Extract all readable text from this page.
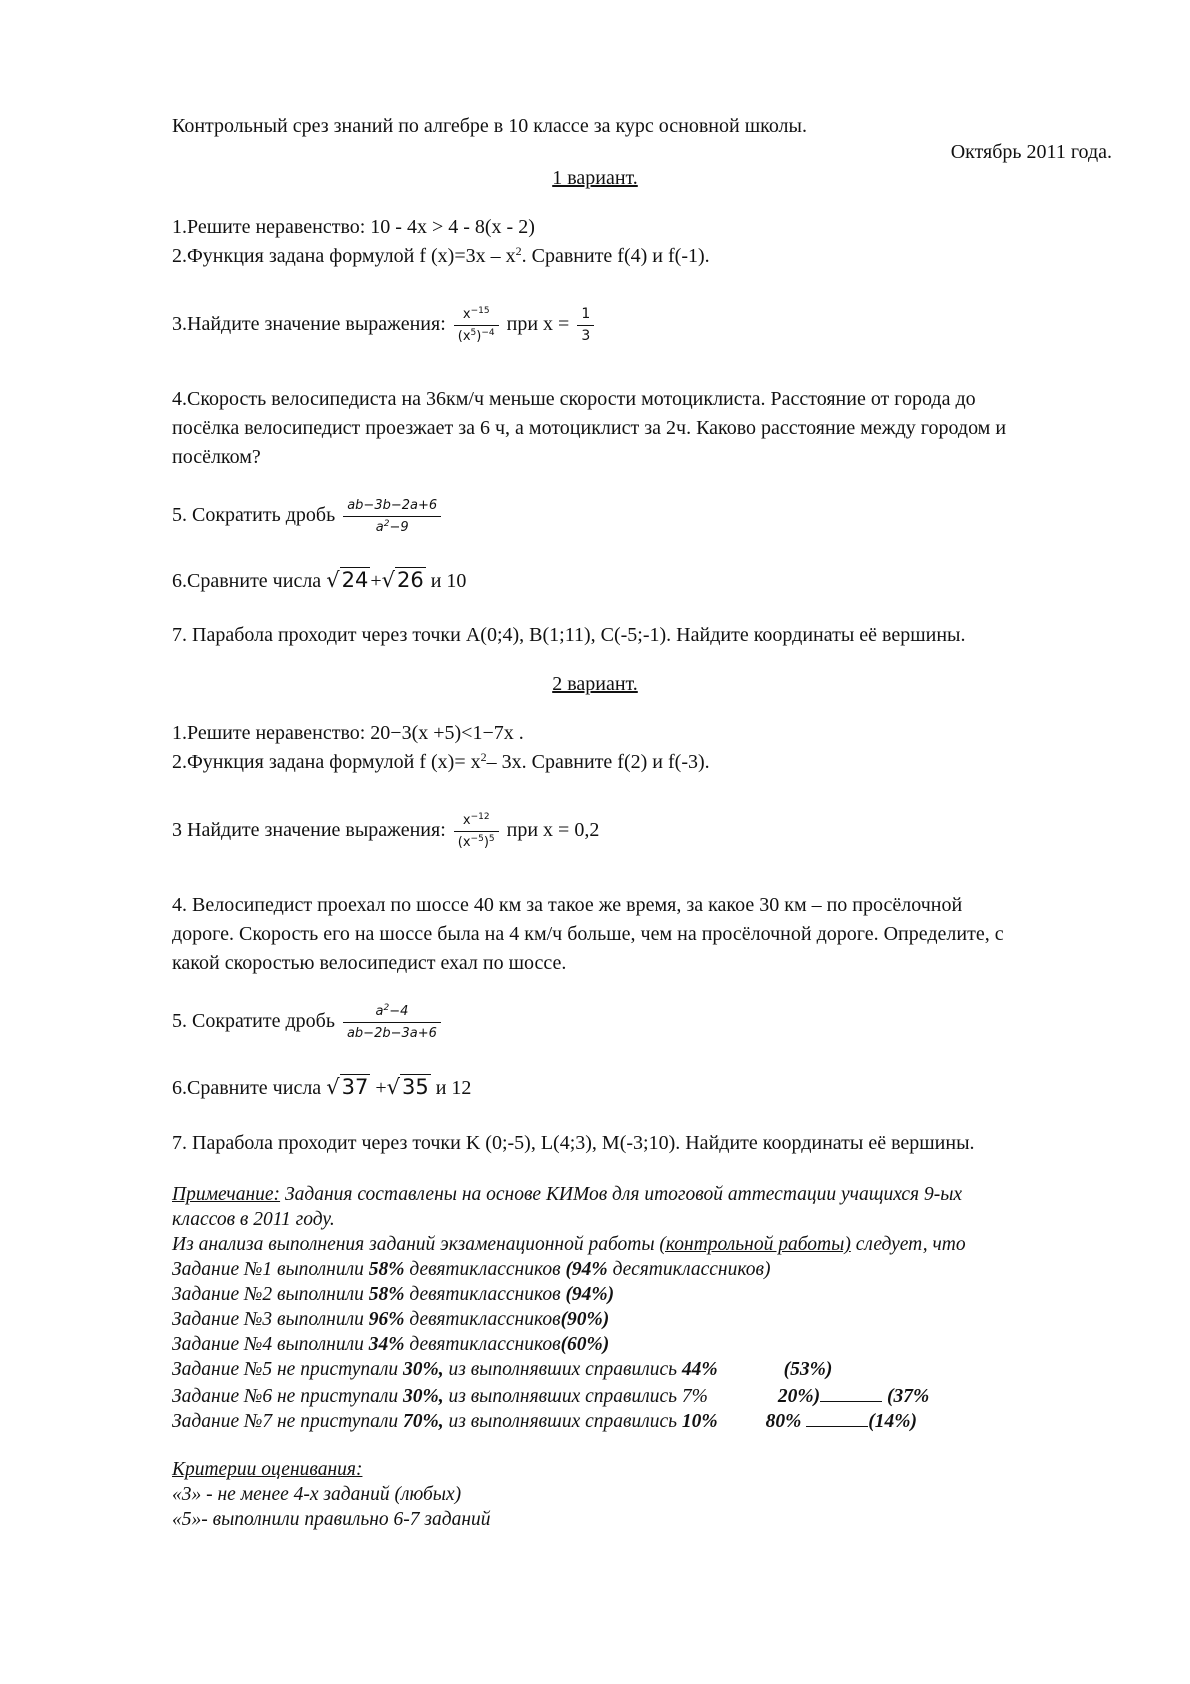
Контрольный срез знаний по алгебре в 10 классе за курс основной школы.
Октябрь 2011 года.
1 вариант.
1.Решите неравенство: 10 - 4x > 4 - 8(x - 2)
2.Функция задана формулой f $(x)=3x - x^2$. Сравните f(4) и f(-1).
3.Найдите значение выражения: $\frac{x^{-15}}{(x^5)^{-4}}$ при $x = \frac{1}{3}$
4.Скорость велосипедиста на 36км/ч меньше скорости мотоциклиста. Расстояние от города до
посёлка велосипедист проезжает за 6 ч, а мотоциклист за 2ч. Каково расстояние между городом и
посёлком?
5. Сократить дробь $\frac{ab-3b-2a+6}{a^2-9}$
6.Сравните числа √24 +√26 и 10
7. Парабола проходит через точки A(0;4), B(1;11), C(-5;-1). Найдите координаты её вершины.
2 вариант.
1.Решите неравенство: 20−3(x +5)<1−7x .
2.Функция задана формулой f $(x)= x^2-$ 3x. Сравните f(2) и f(-3).
3 Найдите значение выражения: $\frac{x^{-12}}{(x^{-5})^5}$ при x = 0,2
4. Велосипедист проехал по шоссе 40 км за такое же время, за какое 30 км – по просёлочной
дороге. Скорость его на шоссе была на 4 км/ч больше, чем на просёлочной дороге. Определите, с
какой скоростью велосипедист ехал по шоссе.
5. Сократите дробь $\frac{a^2-4}{ab-2b-3a+6}$
6.Сравните числа √37 +√35 и 12
7. Парабола проходит через точки K (0;-5), L(4;3), M(-3;10). Найдите координаты её вершины.
Примечание: Задания составлены на основе КИМов для итоговой аттестации учащихся 9-ых
классов в 2011 году.
Из анализа выполнения заданий экзаменационной работы (контрольной работы) следует, что
Задание №1 выполнили 58% девятиклассников (94% десятиклассников)
Задание №2 выполнили 58% девятиклассников (94%)
Задание №3 выполнили 96% девятиклассников(90%)
Задание №4 выполнили 34% девятиклассников(60%)
Задание №5 не приступали 30%, из выполнявших справились 44%	(53%)
Задание №6 не приступали 30%, из выполнявших справились 7%	20%)	(37%
Задание №7 не приступали 70%, из выполнявших справились 10% 80%	(14%)
Критерии оценивания:
«3» - не менее 4-х заданий (любых)
«5»- выполнили правильно 6-7 заданий
